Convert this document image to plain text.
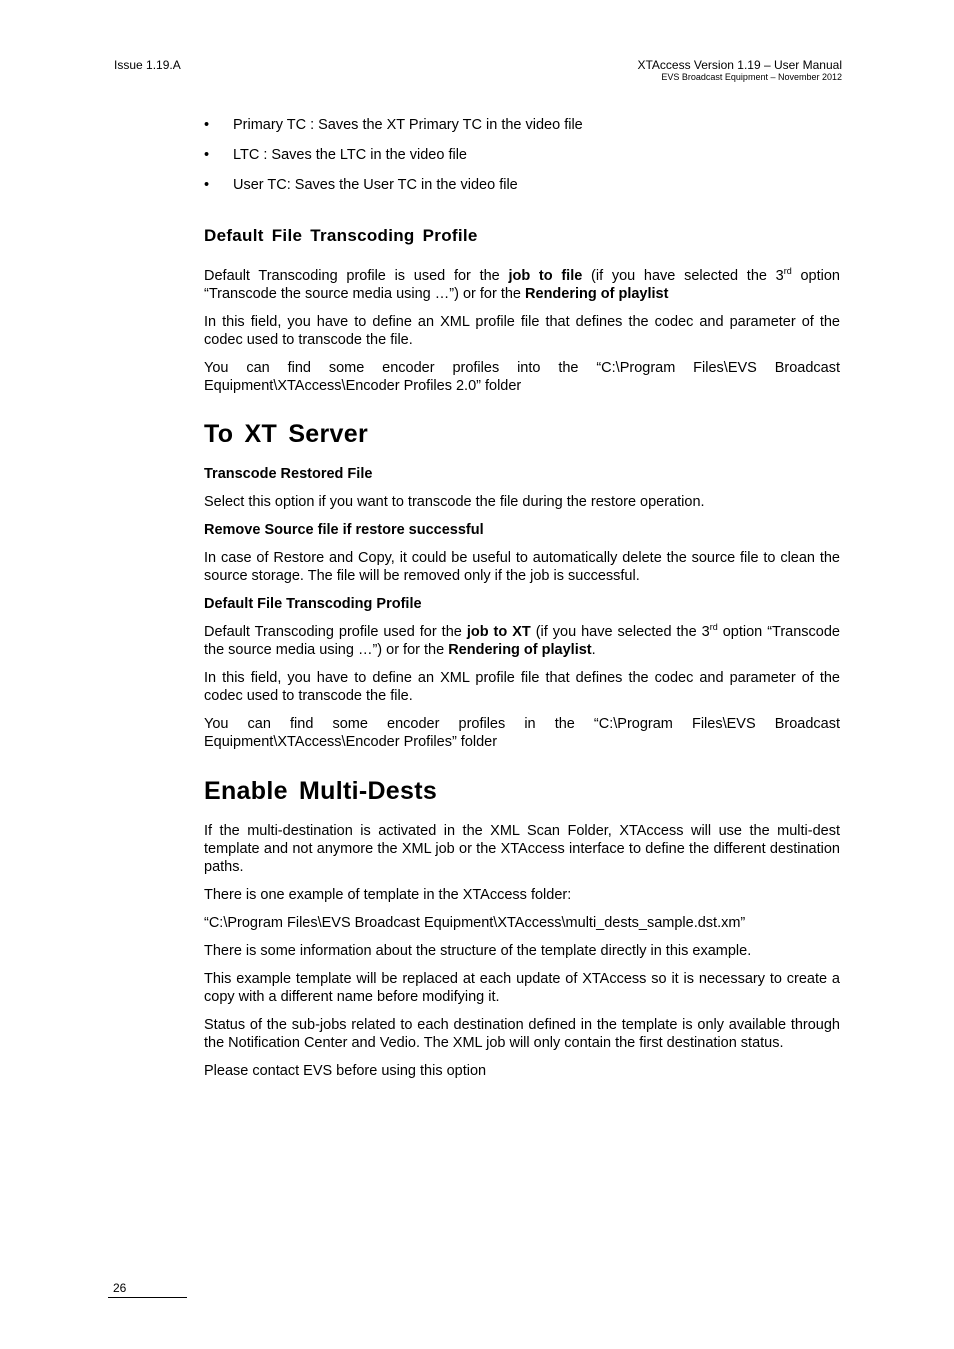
Issue 1.19.A	XTAccess Version 1.19 – User Manual
EVS Broadcast Equipment – November 2012
• Primary TC : Saves the XT Primary TC in the video file
• LTC : Saves the LTC in the video file
• User TC: Saves the User TC in the video file
Default File Transcoding Profile

Default Transcoding profile is used for the job to file (if you have selected the 3rd option “Transcode the source media using …”) or for the Rendering of playlist

In this field, you have to define an XML profile file that defines the codec and parameter of the codec used to transcode the file.

You can find some encoder profiles into the “C:\Program Files\EVS Broadcast Equipment\XTAccess\Encoder Profiles 2.0” folder

To XT Server
Transcode Restored File

Select this option if you want to transcode the file during the restore operation.

Remove Source file if restore successful

In case of Restore and Copy, it could be useful to automatically delete the source file to clean the source storage. The file will be removed only if the job is successful.

Default File Transcoding Profile

Default Transcoding profile used for the job to XT (if you have selected the 3rd option “Transcode the source media using …”) or for the Rendering of playlist.

In this field, you have to define an XML profile file that defines the codec and parameter of the codec used to transcode the file.

You can find some encoder profiles in the “C:\Program Files\EVS Broadcast Equipment\XTAccess\Encoder Profiles” folder

Enable Multi-Dests

If the multi-destination is activated in the XML Scan Folder, XTAccess will use the multi-dest template and not anymore the XML job or the XTAccess interface to define the different destination paths.

There is one example of template in the XTAccess folder:

“C:\Program Files\EVS Broadcast Equipment\XTAccess\multi_dests_sample.dst.xm”

There is some information about the structure of the template directly in this example.

This example template will be replaced at each update of XTAccess so it is necessary to create a copy with a different name before modifying it.

Status of the sub-jobs related to each destination defined in the template is only available through the Notification Center and Vedio. The XML job will only contain the first destination status.

Please contact EVS before using this option

26
